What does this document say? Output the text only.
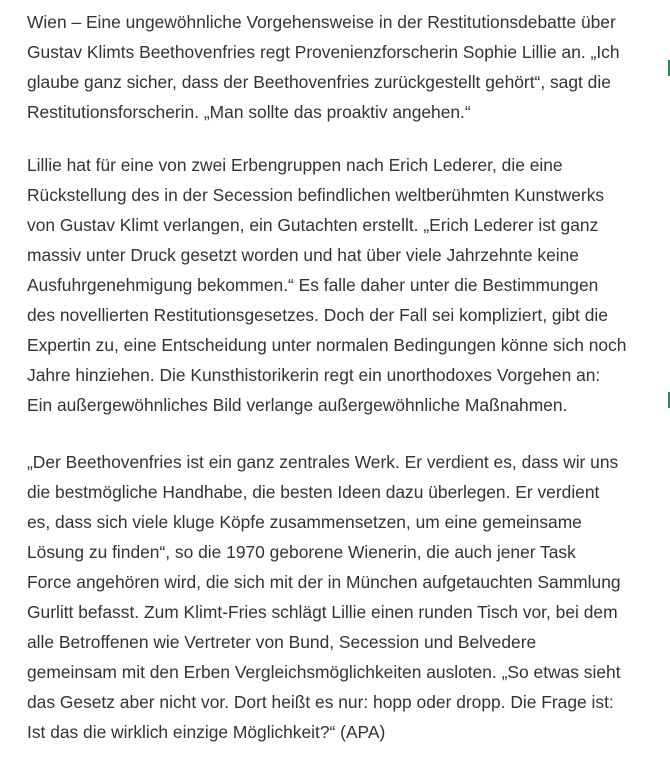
Wien – Eine ungewöhnliche Vorgehensweise in der Restitutionsdebatte über
Gustav Klimts Beethovenfries regt Provenienzforscherin Sophie Lillie an. „Ich
glaube ganz sicher, dass der Beethovenfries zurückgestellt gehört“, sagt die
Restitutionsforscherin. „Man sollte das proaktiv angehen.“

Lillie hat für eine von zwei Erbengruppen nach Erich Lederer, die eine
Rückstellung des in der Secession befindlichen weltberühmten Kunstwerks
von Gustav Klimt verlangen, ein Gutachten erstellt. „Erich Lederer ist ganz
massiv unter Druck gesetzt worden und hat über viele Jahrzehnte keine
Ausfuhrgenehmigung bekommen.“ Es falle daher unter die Bestimmungen
des novellierten Restitutionsgesetzes. Doch der Fall sei kompliziert, gibt die
Expertin zu, eine Entscheidung unter normalen Bedingungen könne sich noch
Jahre hinziehen. Die Kunsthistorikerin regt ein unorthodoxes Vorgehen an:
Ein außergewöhnliches Bild verlange außergewöhnliche Maßnahmen.

„Der Beethovenfries ist ein ganz zentrales Werk. Er verdient es, dass wir uns
die bestmögliche Handhabe, die besten Ideen dazu überlegen. Er verdient
es, dass sich viele kluge Köpfe zusammensetzen, um eine gemeinsame
Lösung zu finden“, so die 1970 geborene Wienerin, die auch jener Task
Force angehören wird, die sich mit der in München aufgetauchten Sammlung
Gurlitt befasst. Zum Klimt-Fries schlägt Lillie einen runden Tisch vor, bei dem
alle Betroffenen wie Vertreter von Bund, Secession und Belvedere
gemeinsam mit den Erben Vergleichsmöglichkeiten ausloten. „So etwas sieht
das Gesetz aber nicht vor. Dort heißt es nur: hopp oder dropp. Die Frage ist:
Ist das die wirklich einzige Möglichkeit?“ (APA)
